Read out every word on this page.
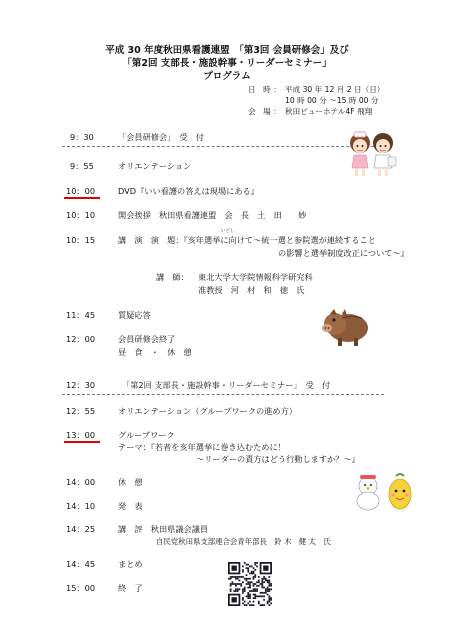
平成 30 年度秋田県看護連盟　「第3回 会員研修会」及び
「第2回 支部長・施設幹事・リーダーセミナー」
プログラム
日　時 ： 平成 30 年 12 月 2 日（日）
10 時 00 分 ～15 時 00 分
会　場 ： 秋田ビューホテル4F 飛翔
9：30	「会員研修会」　受　付
9：55	オリエンテーション
10：00	DVD『いい看護の答えは現場にある』
10：10	開会挨拶　秋田県看護連盟　会　長　土　田　　妙
いどし
10：15	講　演　演　題：『亥年選挙に向けて～統一選と参院選が連続すること
の影響と選挙制度改正について～』
講　師： 東北大学大学院情報科学研究科
准教授　河　村　和　徳　氏
11：45	質疑応答
12：00	会員研修会終了
昼　食　・　休　憩
12：30	「第2回 支部長・施設幹事・リーダーセミナー」　受　付
12：55	オリエンテーション（グループワークの進め方）
13：00	グループワーク
テーマ：『若者を亥年選挙に巻き込むために！
～リーダーの責方はどう行動しますか？～』
14：00	休　憩
14：10	発　表
14：25	講　評　秋田県議会議員
自民党秋田県支部連合会青年部長　鈴 木　健 太　氏
14：45	まとめ
15：00	終　了
